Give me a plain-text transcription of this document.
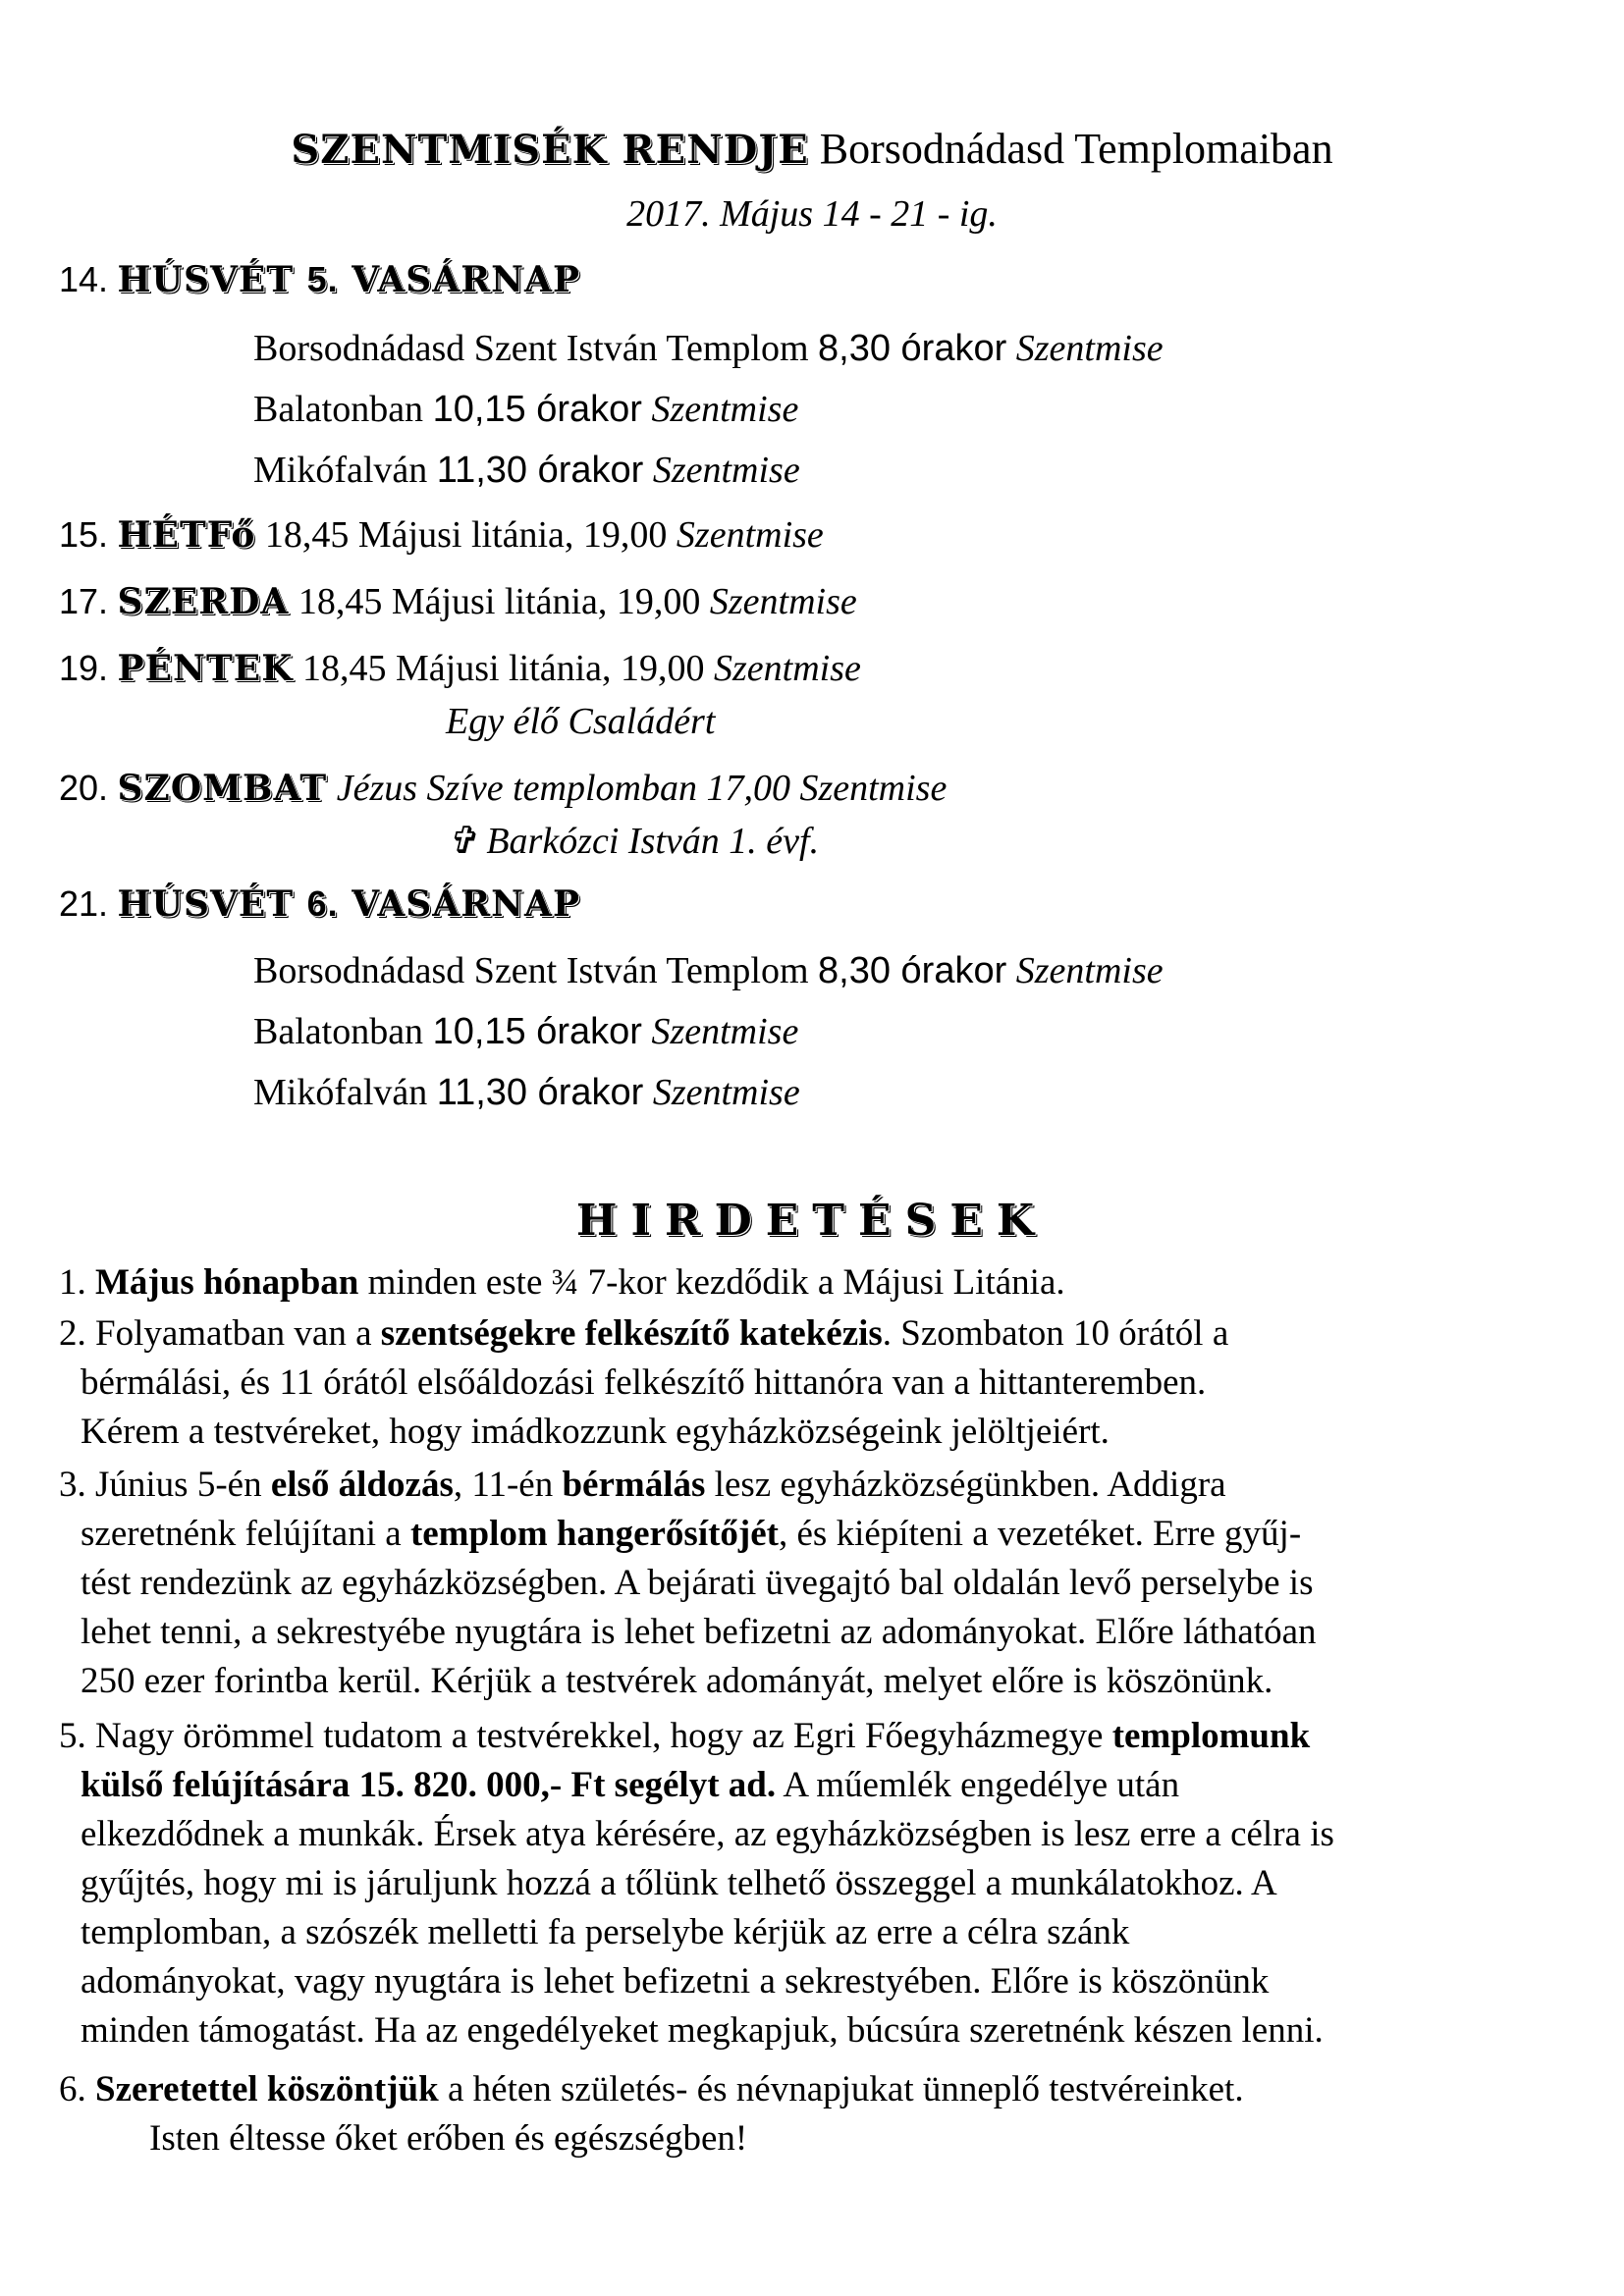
SZENTMISÉK RENDJE Borsodnádasd Templomaiban
2017. Május 14 - 21 - ig.
14. HÚSVÉT 5. VASÁRNAP
Borsodnádasd Szent István Templom 8,30 órakor Szentmise
Balatonban 10,15 órakor Szentmise
Mikófalván 11,30 órakor Szentmise
15. HÉTFő 18,45 Májusi litánia, 19,00 Szentmise
17. SZERDA 18,45 Májusi litánia, 19,00 Szentmise
19. PÉNTEK 18,45 Májusi litánia, 19,00 Szentmise
Egy élő Családért
20. SZOMBAT Jézus Szíve templomban 17,00 Szentmise
✞ Barkózci István 1. évf.
21. HÚSVÉT 6. VASÁRNAP
Borsodnádasd Szent István Templom 8,30 órakor Szentmise
Balatonban 10,15 órakor Szentmise
Mikófalván 11,30 órakor Szentmise
HIRDETÉSEK
1. Május hónapban minden este ¾ 7-kor kezdődik a Májusi Litánia.
2. Folyamatban van a szentségekre felkészítő katekézis. Szombaton 10 órától a
bérmálási, és 11 órától elsőáldozási felkészítő hittanóra van a hittanteremben.
Kérem a testvéreket, hogy imádkozzunk egyházközségeink jelöltjeiért.
3. Június 5-én első áldozás, 11-én bérmálás lesz egyházközségünkben. Addigra
szeretnénk felújítani a templom hangerősítőjét, és kiépíteni a vezetéket. Erre gyűj-
tést rendezünk az egyházközségben. A bejárati üvegajtó bal oldalán levő perselybe is
lehet tenni, a sekrestyébe nyugtára is lehet befizetni az adományokat. Előre láthatóan
250 ezer forintba kerül. Kérjük a testvérek adományát, melyet előre is köszönünk.
5. Nagy örömmel tudatom a testvérekkel, hogy az Egri Főegyházmegye templomunk
külső felújítására 15. 820. 000,- Ft segélyt ad. A műemlék engedélye után
elkezdődnek a munkák. Érsek atya kérésére, az egyházközségben is lesz erre a célra is
gyűjtés, hogy mi is járuljunk hozzá a tőlünk telhető összeggel a munkálatokhoz. A
templomban, a szószék melletti fa perselybe kérjük az erre a célra szánk
adományokat, vagy nyugtára is lehet befizetni a sekrestyében. Előre is köszönünk
minden támogatást. Ha az engedélyeket megkapjuk, búcsúra szeretnénk készen lenni.
6. Szeretettel köszöntjük a héten születés- és névnapjukat ünneplő testvéreinket.
Isten éltesse őket erőben és egészségben!
